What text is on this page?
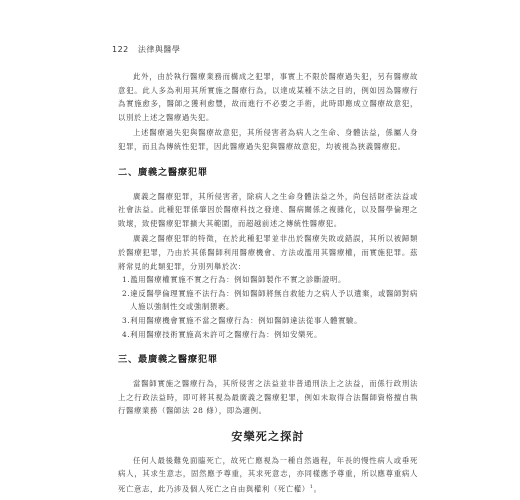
122 法律與醫學

此外，由於執行醫療業務而構成之犯罪，事實上不限於醫療過失犯，另有醫療故意犯。此人多為利用其所實施之醫療行為，以達成某種不法之目的，例如因為醫療行為實施愈多，醫師之獲利愈豐，故而進行不必要之手術，此時即應成立醫療故意犯，以別於上述之醫療過失犯。

上述醫療過失犯與醫療故意犯，其所侵害者為病人之生命、身體法益，係屬人身犯罪，而且為傳統性犯罪，因此醫療過失犯與醫療故意犯，均被視為狹義醫療犯。

二、廣義之醫療犯罪

廣義之醫療犯罪，其所侵害者，除病人之生命身體法益之外，尚包括財產法益或社會法益。此種犯罪係肇因於醫療科技之發達、醫病關係之複雜化，以及醫學倫理之敗壞，致使醫療犯罪擴大其範圍，而超越前述之傳統性醫療犯。

廣義之醫療犯罪的特徵，在於此種犯罪並非出於醫療失敗或錯誤，其所以被歸類於醫療犯罪，乃由於其係醫師利用醫療機會、方法或濫用其醫療權，而實施犯罪。茲將常見的此類犯罪，分別列舉於次：

1.濫用醫療權實施不實之行為：例如醫師製作不實之診斷證明。
2.違反醫學倫理實施不法行為：例如醫師將無自救能力之病人予以遺棄，或醫師對病人施以強制性交或強制猥褻。
3.利用醫療機會實施不當之醫療行為：例如醫師違法從事人體實驗。
4.利用醫療技術實施高未許可之醫療行為：例如安樂死。
三、最廣義之醫療犯罪

當醫師實施之醫療行為，其所侵害之法益並非普通刑法上之法益，而係行政刑法上之行政法益時，即可將其視為最廣義之醫療犯罪，例如未取得合法醫師資格擅自執行醫療業務（醫師法 28 條），即為適例。

安樂死之探討

任何人最後難免面臨死亡，故死亡應視為一種自然過程，年長的慢性病人或垂死病人，其求生意志，固然應予尊重，其求死意志，亦同樣應予尊重，所以應尊重病人死亡意志，此乃涉及個人死亡之自由與權利（死亡權）$^1$。
